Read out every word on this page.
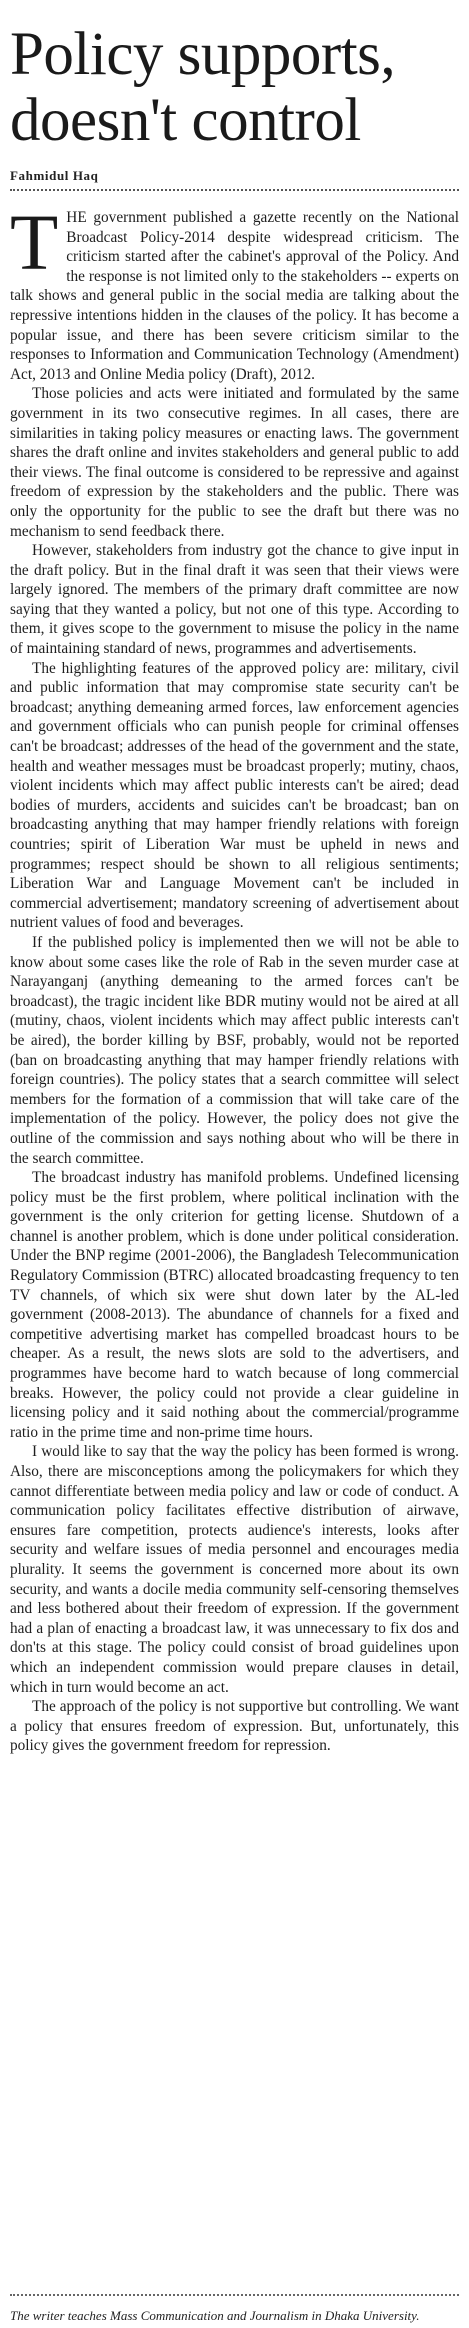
Policy supports, doesn't control
Fahmidul Haq

THE government published a gazette recently on the National Broadcast Policy-2014 despite widespread criticism. The criticism started after the cabinet's approval of the Policy. And the response is not limited only to the stakeholders -- experts on talk shows and general public in the social media are talking about the repressive intentions hidden in the clauses of the policy. It has become a popular issue, and there has been severe criticism similar to the responses to Information and Communication Technology (Amendment) Act, 2013 and Online Media policy (Draft), 2012.

Those policies and acts were initiated and formulated by the same government in its two consecutive regimes. In all cases, there are similarities in taking policy measures or enacting laws. The government shares the draft online and invites stakeholders and general public to add their views. The final outcome is considered to be repressive and against freedom of expression by the stakeholders and the public. There was only the opportunity for the public to see the draft but there was no mechanism to send feedback there.

However, stakeholders from industry got the chance to give input in the draft policy. But in the final draft it was seen that their views were largely ignored. The members of the primary draft committee are now saying that they wanted a policy, but not one of this type. According to them, it gives scope to the government to misuse the policy in the name of maintaining standard of news, programmes and advertisements.

The highlighting features of the approved policy are: military, civil and public information that may compromise state security can't be broadcast; anything demeaning armed forces, law enforcement agencies and government officials who can punish people for criminal offenses can't be broadcast; addresses of the head of the government and the state, health and weather messages must be broadcast properly; mutiny, chaos, violent incidents which may affect public interests can't be aired; dead bodies of murders, accidents and suicides can't be broadcast; ban on broadcasting anything that may hamper friendly relations with foreign countries; spirit of Liberation War must be upheld in news and programmes; respect should be shown to all religious sentiments; Liberation War and Language Movement can't be included in commercial advertisement; mandatory screening of advertisement about nutrient values of food and beverages.

If the published policy is implemented then we will not be able to know about some cases like the role of Rab in the seven murder case at Narayanganj (anything demeaning to the armed forces can't be broadcast), the tragic incident like BDR mutiny would not be aired at all (mutiny, chaos, violent incidents which may affect public interests can't be aired), the border killing by BSF, probably, would not be reported (ban on broadcasting anything that may hamper friendly relations with foreign countries). The policy states that a search committee will select members for the formation of a commission that will take care of the implementation of the policy. However, the policy does not give the outline of the commission and says nothing about who will be there in the search committee.

The broadcast industry has manifold problems. Undefined licensing policy must be the first problem, where political inclination with the government is the only criterion for getting license. Shutdown of a channel is another problem, which is done under political consideration. Under the BNP regime (2001-2006), the Bangladesh Telecommunication Regulatory Commission (BTRC) allocated broadcasting frequency to ten TV channels, of which six were shut down later by the AL-led government (2008-2013). The abundance of channels for a fixed and competitive advertising market has compelled broadcast hours to be cheaper. As a result, the news slots are sold to the advertisers, and programmes have become hard to watch because of long commercial breaks. However, the policy could not provide a clear guideline in licensing policy and it said nothing about the commercial/programme ratio in the prime time and non-prime time hours.

I would like to say that the way the policy has been formed is wrong. Also, there are misconceptions among the policymakers for which they cannot differentiate between media policy and law or code of conduct. A communication policy facilitates effective distribution of airwave, ensures fare competition, protects audience's interests, looks after security and welfare issues of media personnel and encourages media plurality. It seems the government is concerned more about its own security, and wants a docile media community self-censoring themselves and less bothered about their freedom of expression. If the government had a plan of enacting a broadcast law, it was unnecessary to fix dos and don'ts at this stage. The policy could consist of broad guidelines upon which an independent commission would prepare clauses in detail, which in turn would become an act.

The approach of the policy is not supportive but controlling. We want a policy that ensures freedom of expression. But, unfortunately, this policy gives the government freedom for repression.

The writer teaches Mass Communication and Journalism in Dhaka University.
